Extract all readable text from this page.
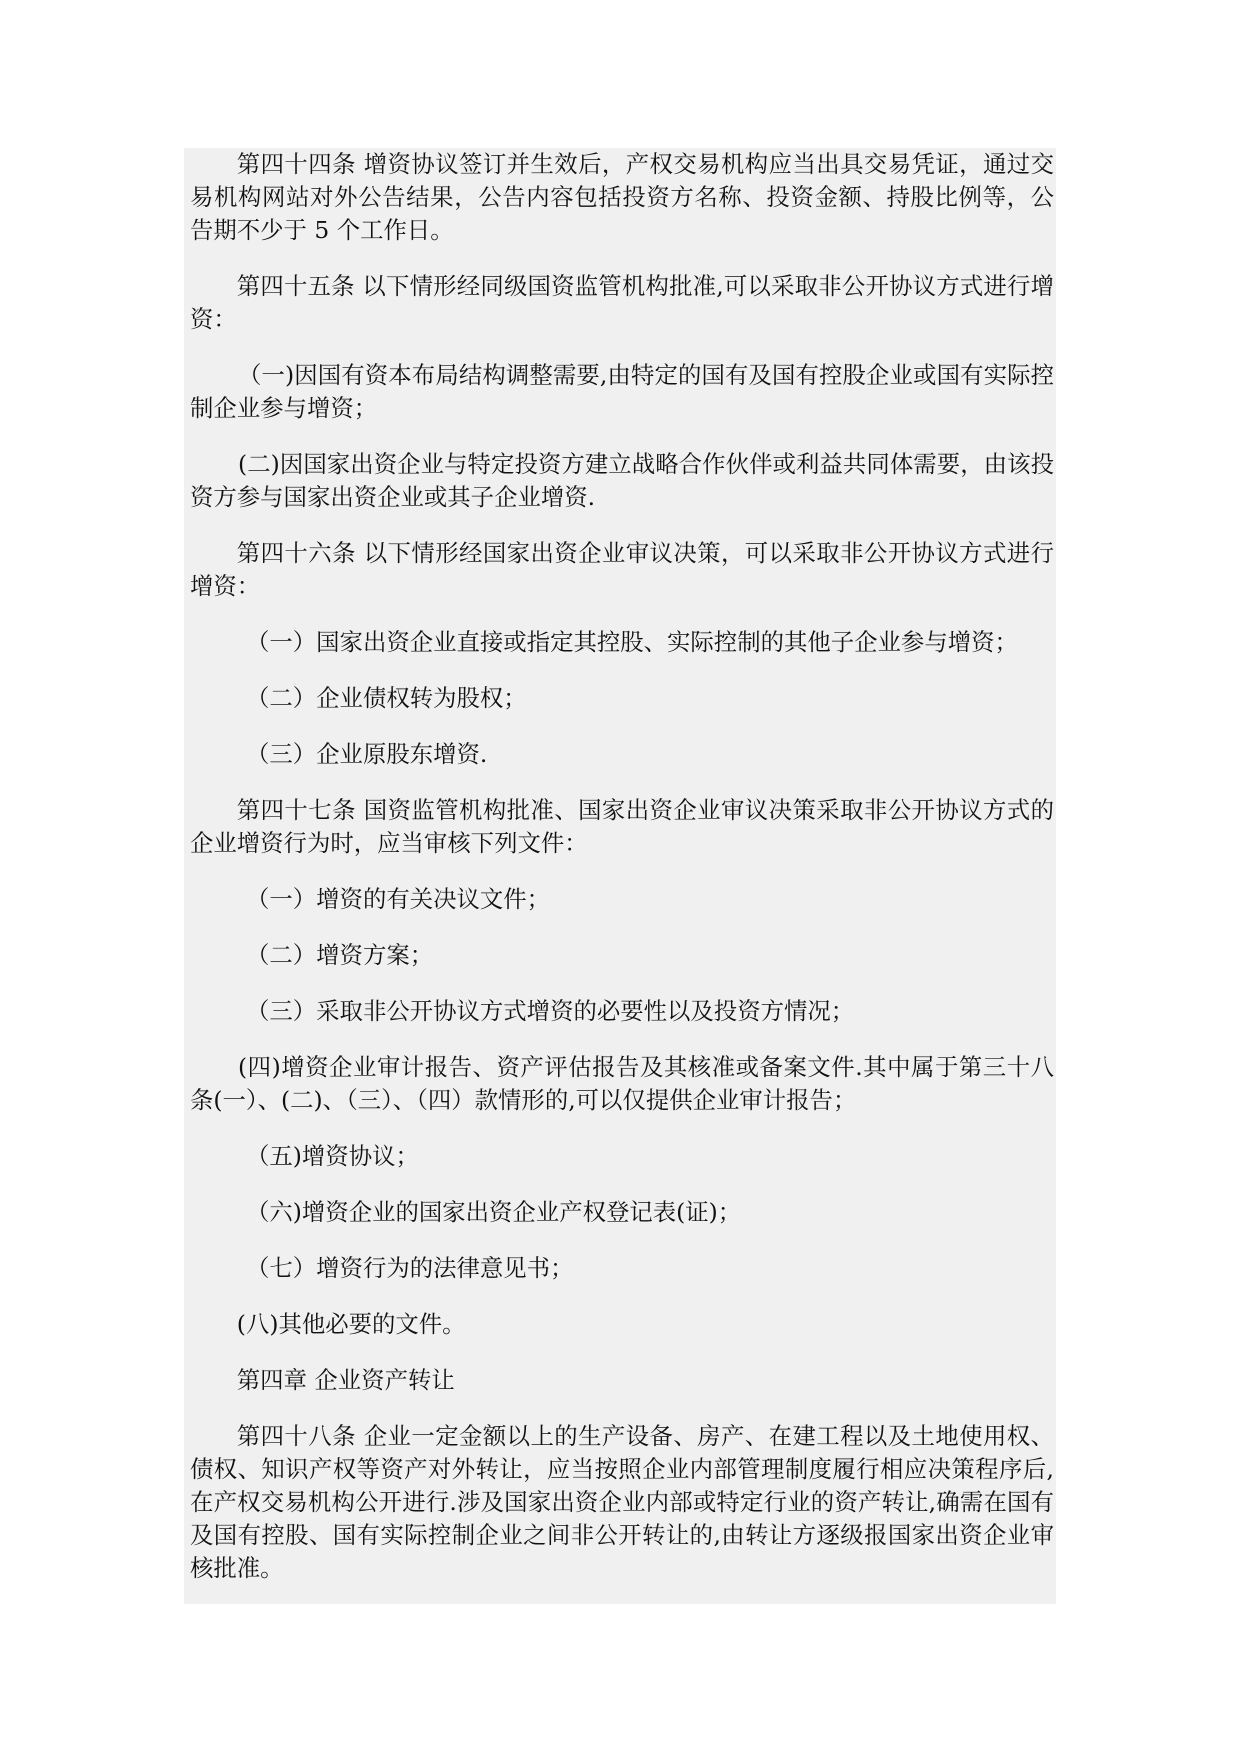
第四十四条 增资协议签订并生效后，产权交易机构应当出具交易凭证，通过交易机构网站对外公告结果，公告内容包括投资方名称、投资金额、持股比例等，公告期不少于 5 个工作日。

第四十五条 以下情形经同级国资监管机构批准,可以采取非公开协议方式进行增资：

（一)因国有资本布局结构调整需要,由特定的国有及国有控股企业或国有实际控制企业参与增资；

(二)因国家出资企业与特定投资方建立战略合作伙伴或利益共同体需要，由该投资方参与国家出资企业或其子企业增资.

第四十六条 以下情形经国家出资企业审议决策，可以采取非公开协议方式进行增资：

（一）国家出资企业直接或指定其控股、实际控制的其他子企业参与增资；

（二）企业债权转为股权；

（三）企业原股东增资.

第四十七条 国资监管机构批准、国家出资企业审议决策采取非公开协议方式的企业增资行为时，应当审核下列文件：

（一）增资的有关决议文件；

（二）增资方案；

（三）采取非公开协议方式增资的必要性以及投资方情况；

(四)增资企业审计报告、资产评估报告及其核准或备案文件.其中属于第三十八条(一）、(二)、（三）、（四）款情形的,可以仅提供企业审计报告；

（五)增资协议；

（六)增资企业的国家出资企业产权登记表(证)；

（七）增资行为的法律意见书；

(八)其他必要的文件。

第四章 企业资产转让

第四十八条 企业一定金额以上的生产设备、房产、在建工程以及土地使用权、债权、知识产权等资产对外转让，应当按照企业内部管理制度履行相应决策程序后,在产权交易机构公开进行.涉及国家出资企业内部或特定行业的资产转让,确需在国有及国有控股、国有实际控制企业之间非公开转让的,由转让方逐级报国家出资企业审核批准。
